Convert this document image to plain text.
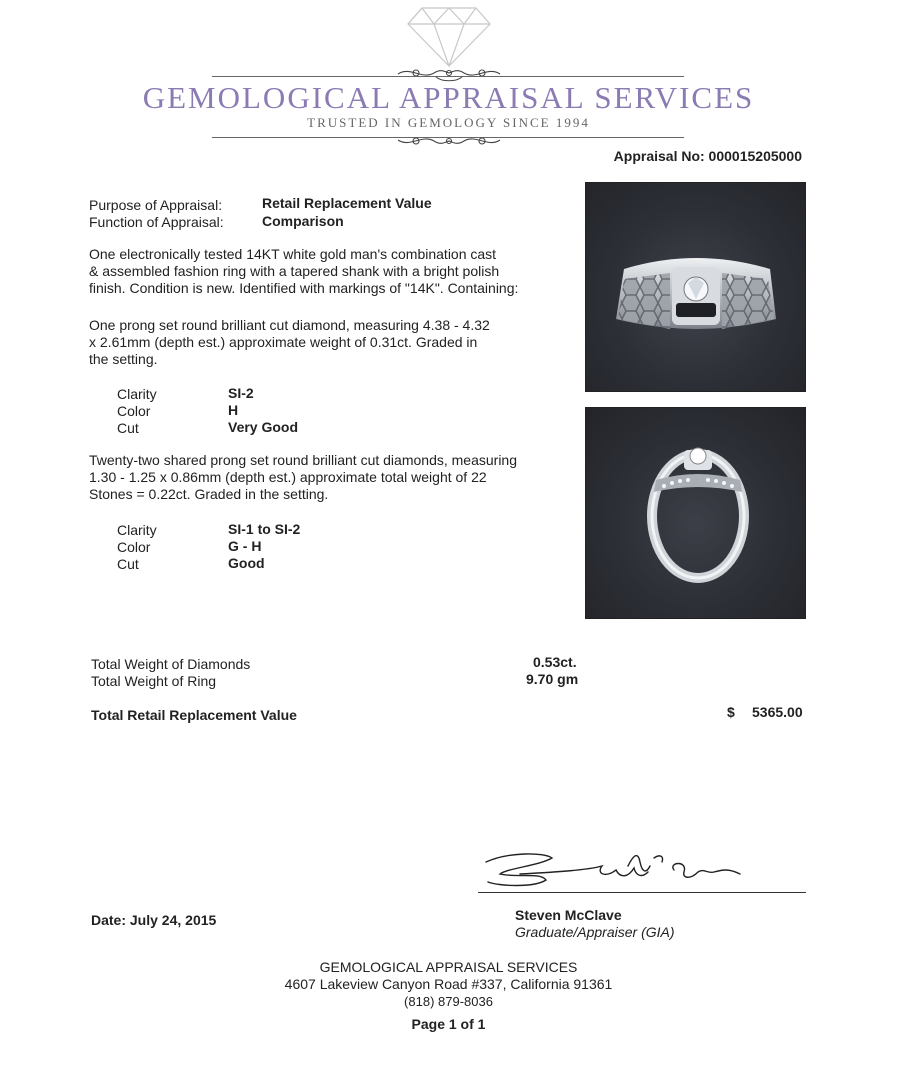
GEMOLOGICAL APPRAISAL SERVICES
TRUSTED IN GEMOLOGY SINCE 1994
Appraisal No: 000015205000
Purpose of Appraisal:	Retail Replacement Value
Function of Appraisal:	Comparison
One electronically tested 14KT white gold man's combination cast
& assembled fashion ring with a tapered shank with a bright polish
finish. Condition is new. Identified with markings of "14K". Containing:
One prong set round brilliant cut diamond, measuring 4.38 - 4.32
x 2.61mm (depth est.) approximate weight of 0.31ct. Graded in
the setting.
Clarity	SI-2
Color	H
Cut	Very Good
Twenty-two shared prong set round brilliant cut diamonds, measuring
1.30 - 1.25 x 0.86mm (depth est.) approximate total weight of 22
Stones = 0.22ct. Graded in the setting.
Clarity	SI-1 to SI-2
Color	G - H
Cut	Good
Total Weight of Diamonds	0.53ct.
Total Weight of Ring	9.70 gm
Total Retail Replacement Value	$ 5365.00
Date: July 24, 2015	Steven McClave
Graduate/Appraiser (GIA)
GEMOLOGICAL APPRAISAL SERVICES
4607 Lakeview Canyon Road #337, California 91361
(818) 879-8036
Page 1 of 1
